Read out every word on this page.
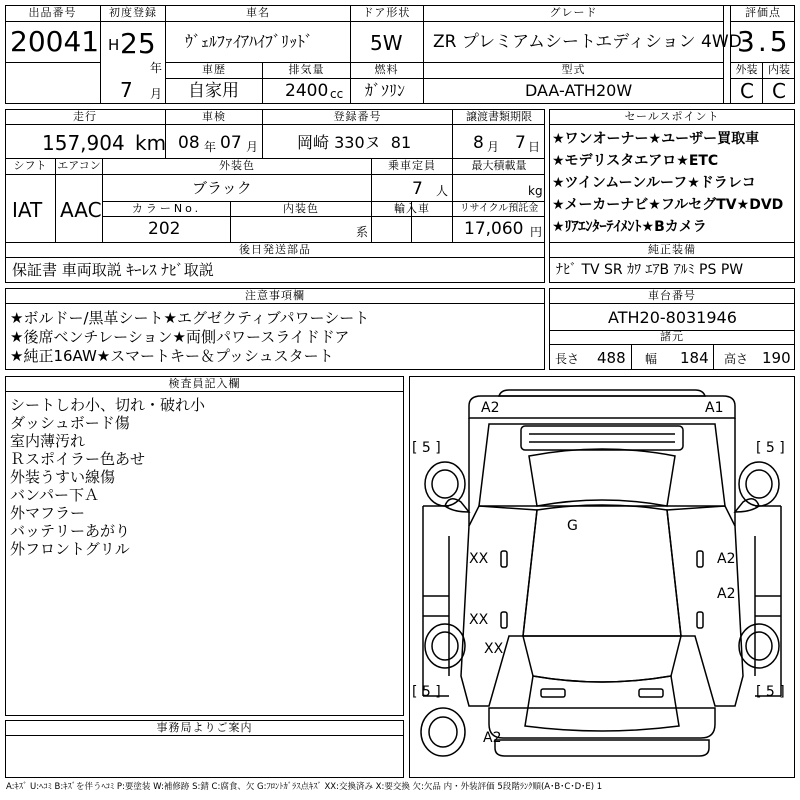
出品番号
20041
初度登録
H 25
年
7 月
車名
ｳﾞｪﾙﾌｧｲｱﾊｲﾌﾞﾘｯﾄﾞ
ドア形状
5W
グレード
ZR プレミアムシートエディション 4WD
評価点
3.5
外装 内装
C C
車歴
自家用
排気量
2400 cc
燃料
ｶﾞｿﾘﾝ
型式
DAA-ATH20W
走行
157,904 km
車検
08 年 07 月
登録番号
岡崎 330ヌ  81
譲渡書類期限
8 月 7 日
シフト
IAT
エアコン
AAC
外装色
ブラック
乗車定員
7 人
最大積載量
kg
カラーNo.
202
内装色
系
輸入車	リサイクル預託金
17,060 円
後日発送部品
保証書 車両取説 ｷｰﾚｽ ﾅﾋﾞ取説
セールスポイント
★ワンオーナー★ユーザー買取車
★モデリスタエアロ★ETC
★ツインムーンルーフ★ドラレコ
★メーカーナビ★フルセグTV★DVD
★ﾘｱｴﾝﾀｰﾃｲﾒﾝﾄ★Bカメラ
純正装備
ﾅﾋﾞ TV SR ｶﾜ ｴｱB ｱﾙﾐ PS PW
注意事項欄
★ボルドー/黒革シート★エグゼクティブパワーシート
★後席ベンチレーション★両側パワースライドドア
★純正16AW★スマートキー＆プッシュスタート
車台番号
ATH20-8031946
諸元
長さ 488 幅 184 高さ 190
検査員記入欄
シートしわ小、切れ・破れ小
ダッシュボード傷
室内薄汚れ
Ｒスポイラー色あせ
外装うすい線傷
バンパー下Ａ
外マフラー
バッテリーあがり
外フロントグリル
事務局よりご案内
A2	A1
G
XX
XX
XX
A2
A2
A2
[ 5 ]	[ 5 ]
[ 5 ]	[ 5 ]
A:ｷｽﾞ U:ﾍｺﾐ B:ｷｽﾞを伴うﾍｺﾐ P:要塗装 W:補修跡 S:錆 C:腐食、欠 G:ﾌﾛﾝﾄｶﾞﾗｽ点ｷｽﾞ XX:交換済み X:要交換 欠:欠品 内・外装評価 5段階ﾗﾝｸ順(A･B･C･D･E) 1
